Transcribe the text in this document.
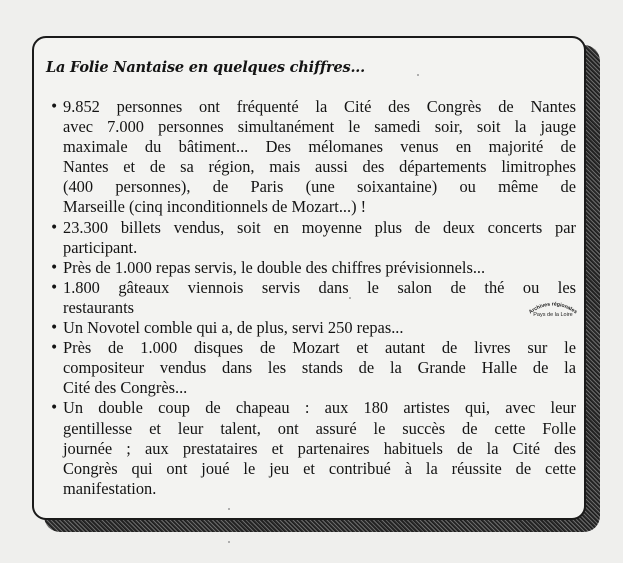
La Folie Nantaise en quelques chiffres...
• 9.852 personnes ont fréquenté la Cité des Congrès de Nantes
avec 7.000 personnes simultanément le samedi soir, soit la jauge
maximale du bâtiment... Des mélomanes venus en majorité de
Nantes et de sa région, mais aussi des départements limitrophes
(400 personnes), de Paris (une soixantaine) ou même de
Marseille (cinq inconditionnels de Mozart...) !
• 23.300 billets vendus, soit en moyenne plus de deux concerts par
participant.
• Près de 1.000 repas servis, le double des chiffres prévisionnels...
• 1.800 gâteaux viennois servis dans le salon de thé ou les
restaurants
• Un Novotel comble qui a, de plus, servi 250 repas...
• Près de 1.000 disques de Mozart et autant de livres sur le
compositeur vendus dans les stands de la Grande Halle de la
Cité des Congrès...
• Un double coup de chapeau : aux 180 artistes qui, avec leur
gentillesse et leur talent, ont assuré le succès de cette Folle
journée ; aux prestataires et partenaires habituels de la Cité des
Congrès qui ont joué le jeu et contribué à la réussite de cette
manifestation.
Archives régionales
Pays de la Loire
